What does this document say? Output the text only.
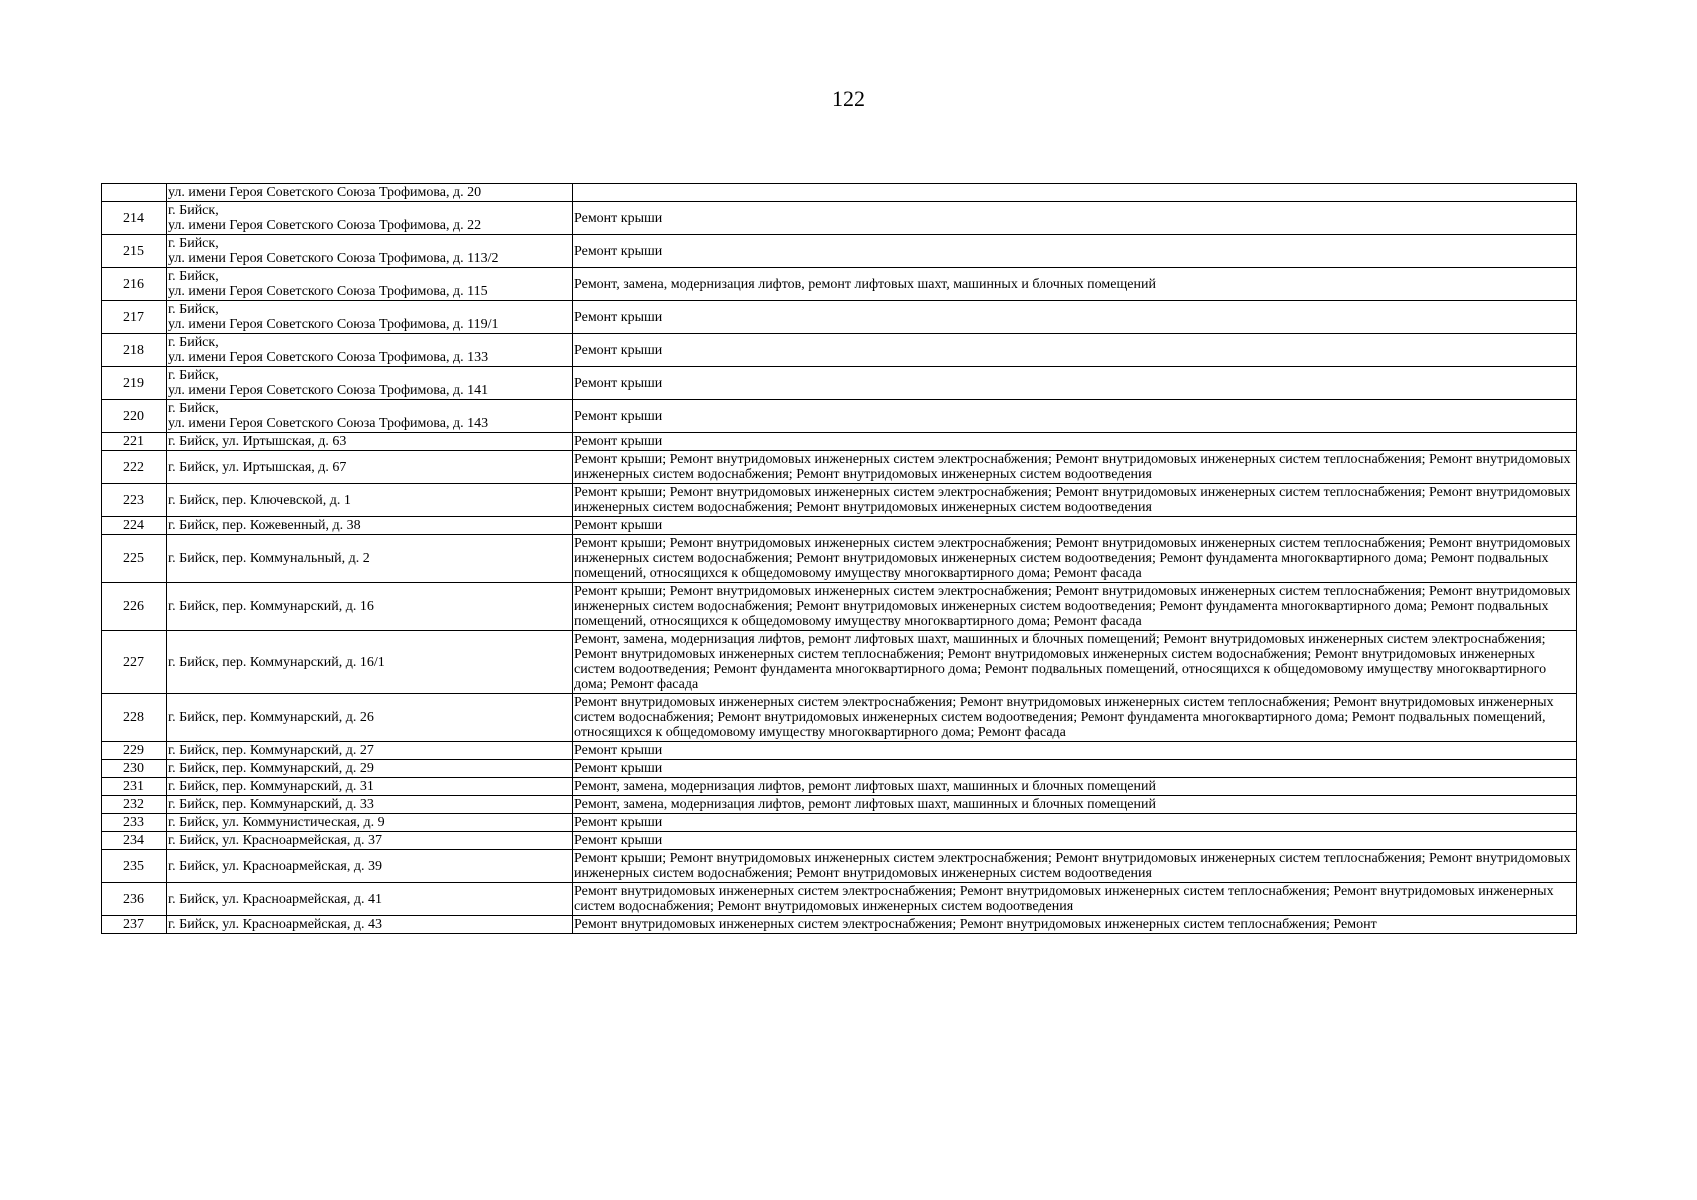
122
	ул. имени Героя Советского Союза Трофимова, д. 20	
214	г. Бийск,
ул. имени Героя Советского Союза Трофимова, д. 22	Ремонт крыши
215	г. Бийск,
ул. имени Героя Советского Союза Трофимова, д. 113/2	Ремонт крыши
216	г. Бийск,
ул. имени Героя Советского Союза Трофимова, д. 115	Ремонт, замена, модернизация лифтов, ремонт лифтовых шахт, машинных и блочных помещений
217	г. Бийск,
ул. имени Героя Советского Союза Трофимова, д. 119/1	Ремонт крыши
218	г. Бийск,
ул. имени Героя Советского Союза Трофимова, д. 133	Ремонт крыши
219	г. Бийск,
ул. имени Героя Советского Союза Трофимова, д. 141	Ремонт крыши
220	г. Бийск,
ул. имени Героя Советского Союза Трофимова, д. 143	Ремонт крыши
221	г. Бийск, ул. Иртышская, д. 63	Ремонт крыши
222	г. Бийск, ул. Иртышская, д. 67	Ремонт крыши; Ремонт внутридомовых инженерных систем электроснабжения; Ремонт внутридомовых инженерных систем теплоснабжения; Ремонт внутридомовых инженерных систем водоснабжения; Ремонт внутридомовых инженерных систем водоотведения
223	г. Бийск, пер. Ключевской, д. 1	Ремонт крыши; Ремонт внутридомовых инженерных систем электроснабжения; Ремонт внутридомовых инженерных систем теплоснабжения; Ремонт внутридомовых инженерных систем водоснабжения; Ремонт внутридомовых инженерных систем водоотведения
224	г. Бийск, пер. Кожевенный, д. 38	Ремонт крыши
225	г. Бийск, пер. Коммунальный, д. 2	Ремонт крыши; Ремонт внутридомовых инженерных систем электроснабжения; Ремонт внутридомовых инженерных систем теплоснабжения; Ремонт внутридомовых инженерных систем водоснабжения; Ремонт внутридомовых инженерных систем водоотведения; Ремонт фундамента многоквартирного дома; Ремонт подвальных помещений, относящихся к общедомовому имуществу многоквартирного дома; Ремонт фасада
226	г. Бийск, пер. Коммунарский, д. 16	Ремонт крыши; Ремонт внутридомовых инженерных систем электроснабжения; Ремонт внутридомовых инженерных систем теплоснабжения; Ремонт внутридомовых инженерных систем водоснабжения; Ремонт внутридомовых инженерных систем водоотведения; Ремонт фундамента многоквартирного дома; Ремонт подвальных помещений, относящихся к общедомовому имуществу многоквартирного дома; Ремонт фасада
227	г. Бийск, пер. Коммунарский, д. 16/1	Ремонт, замена, модернизация лифтов, ремонт лифтовых шахт, машинных и блочных помещений; Ремонт внутридомовых инженерных систем электроснабжения; Ремонт внутридомовых инженерных систем теплоснабжения; Ремонт внутридомовых инженерных систем водоснабжения; Ремонт внутридомовых инженерных систем водоотведения; Ремонт фундамента многоквартирного дома; Ремонт подвальных помещений, относящихся к общедомовому имуществу многоквартирного дома; Ремонт фасада
228	г. Бийск, пер. Коммунарский, д. 26	Ремонт внутридомовых инженерных систем электроснабжения; Ремонт внутридомовых инженерных систем теплоснабжения; Ремонт внутридомовых инженерных систем водоснабжения; Ремонт внутридомовых инженерных систем водоотведения; Ремонт фундамента многоквартирного дома; Ремонт подвальных помещений, относящихся к общедомовому имуществу многоквартирного дома; Ремонт фасада
229	г. Бийск, пер. Коммунарский, д. 27	Ремонт крыши
230	г. Бийск, пер. Коммунарский, д. 29	Ремонт крыши
231	г. Бийск, пер. Коммунарский, д. 31	Ремонт, замена, модернизация лифтов, ремонт лифтовых шахт, машинных и блочных помещений
232	г. Бийск, пер. Коммунарский, д. 33	Ремонт, замена, модернизация лифтов, ремонт лифтовых шахт, машинных и блочных помещений
233	г. Бийск, ул. Коммунистическая, д. 9	Ремонт крыши
234	г. Бийск, ул. Красноармейская, д. 37	Ремонт крыши
235	г. Бийск, ул. Красноармейская, д. 39	Ремонт крыши; Ремонт внутридомовых инженерных систем электроснабжения; Ремонт внутридомовых инженерных систем теплоснабжения; Ремонт внутридомовых инженерных систем водоснабжения; Ремонт внутридомовых инженерных систем водоотведения
236	г. Бийск, ул. Красноармейская, д. 41	Ремонт внутридомовых инженерных систем электроснабжения; Ремонт внутридомовых инженерных систем теплоснабжения; Ремонт внутридомовых инженерных систем водоснабжения; Ремонт внутридомовых инженерных систем водоотведения
237	г. Бийск, ул. Красноармейская, д. 43	Ремонт внутридомовых инженерных систем электроснабжения; Ремонт внутридомовых инженерных систем теплоснабжения; Ремонт
